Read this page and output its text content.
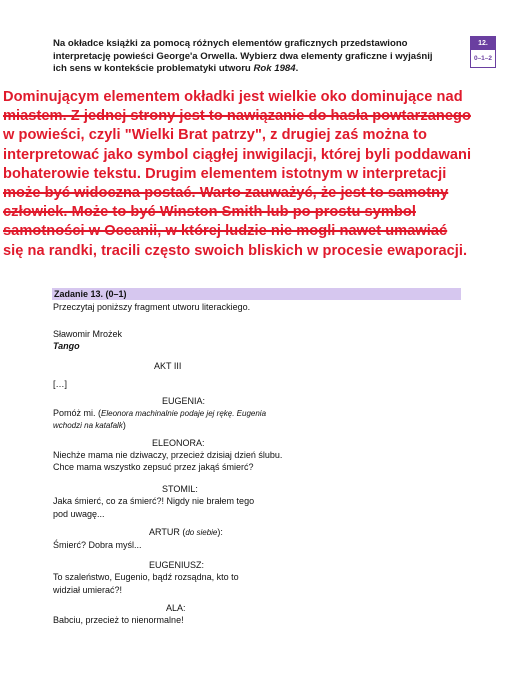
Na okładce książki za pomocą różnych elementów graficznych przedstawiono
interpretację powieści George'a Orwella. Wybierz dwa elementy graficzne i wyjaśnij
ich sens w kontekście problematyki utworu Rok 1984.
12.
0–1–2
Dominującym elementem okładki jest wielkie oko dominujące nad
miastem. Z jednej strony jest to nawiązanie do hasła powtarzanego
w powieści, czyli "Wielki Brat patrzy", z drugiej zaś można to
interpretować jako symbol ciągłej inwigilacji, której byli poddawani
bohaterowie tekstu. Drugim elementem istotnym w interpretacji
może być widoczna postać. Warto zauważyć, że jest to samotny
człowiek. Może to być Winston Smith lub po prostu symbol
samotności w Oceanii, w której ludzie nie mogli nawet umawiać
się na randki, tracili często swoich bliskich w procesie ewaporacji.
Zadanie 13. (0–1)
Przeczytaj poniższy fragment utworu literackiego.
Sławomir Mrożek
Tango
AKT III
[…]
EUGENIA:
Pomóż mi. (Eleonora machinalnie podaje jej rękę. Eugenia
wchodzi na katafalk)
ELEONORA:
Niechże mama nie dziwaczy, przecież dzisiaj dzień ślubu.
Chce mama wszystko zepsuć przez jakąś śmierć?
STOMIL:
Jaka śmierć, co za śmierć?! Nigdy nie brałem tego
pod uwagę...
ARTUR (do siebie):
Śmierć? Dobra myśl...
EUGENIUSZ:
To szaleństwo, Eugenio, bądź rozsądna, kto to
widział umierać?!
ALA:
Babciu, przecież to nienormalne!
